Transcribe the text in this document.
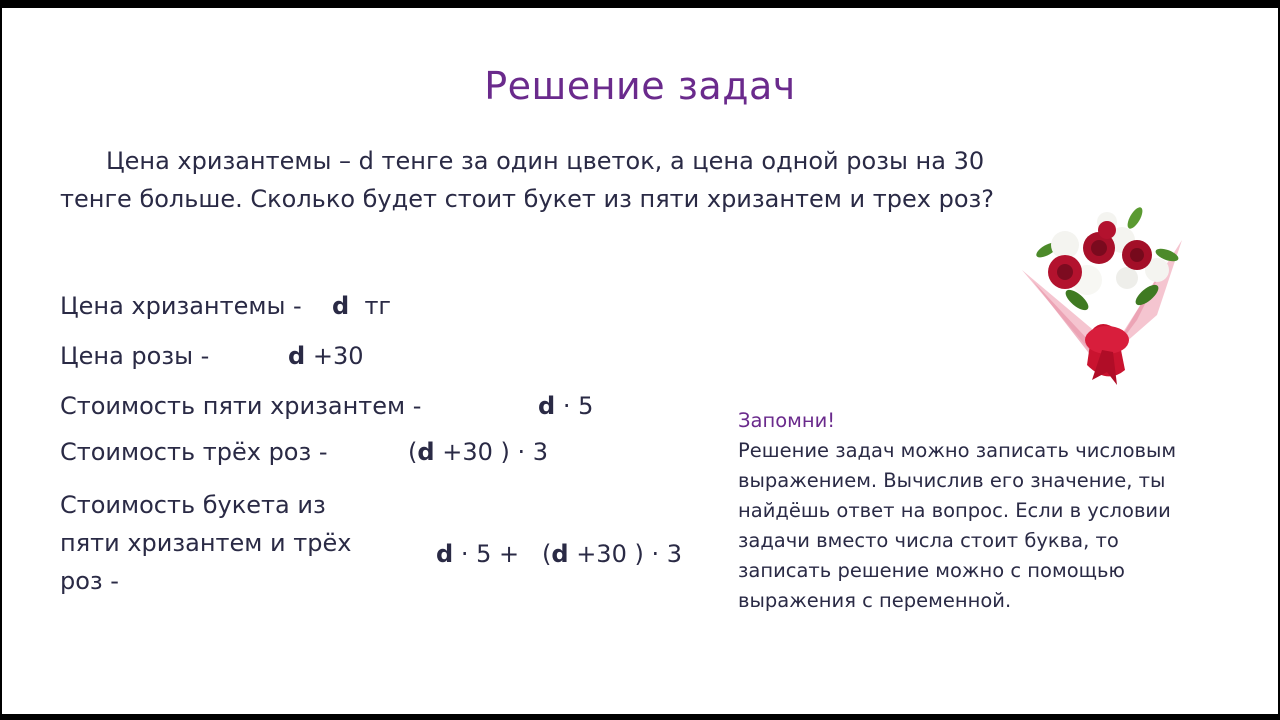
Решение задач
Цена хризантемы – d тенге за один цветок, а цена одной розы на 30
тенге больше. Сколько будет стоит букет из пяти хризантем и трех роз?
Цена хризантемы - d тг
Цена розы -	d +30
Стоимость пяти хризантем -	d · 5
Стоимость трёх роз -	(d +30 ) · 3
Стоимость букета из
пяти хризантем и трёх
роз -
d · 5 + (d +30 ) · 3
Запомни!
Решение задач можно записать числовым
выражением. Вычислив его значение, ты
найдёшь ответ на вопрос. Если в условии
задачи вместо числа стоит буква, то
записать решение можно с помощью
выражения с переменной.
